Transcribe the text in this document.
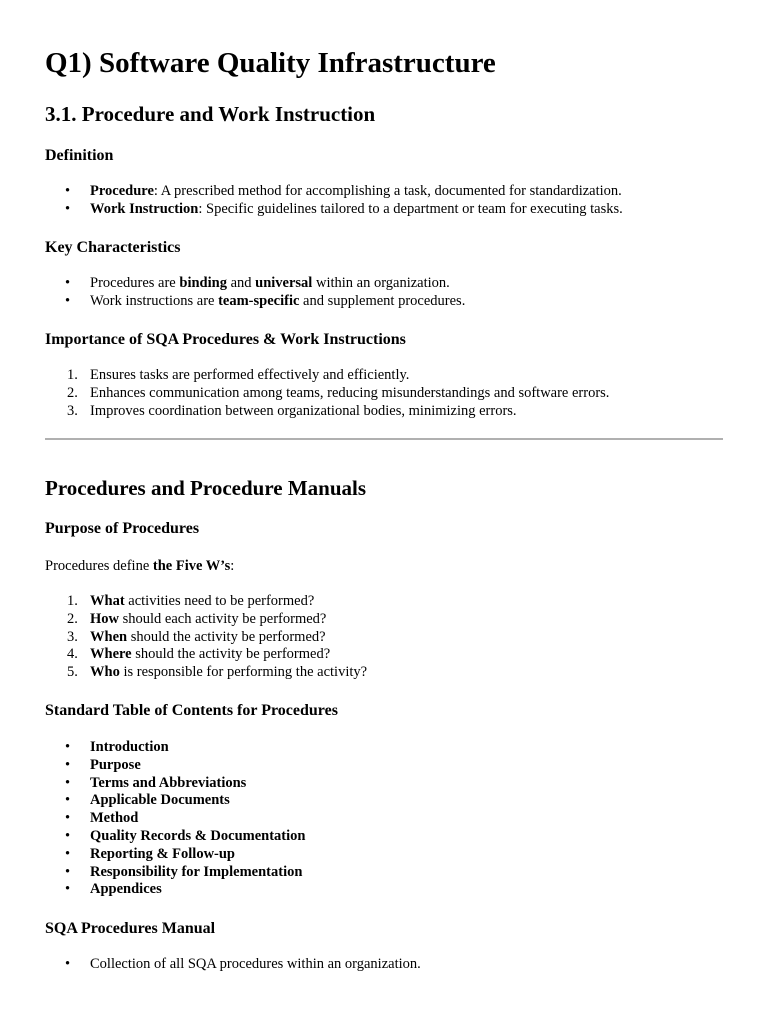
Q1) Software Quality Infrastructure
3.1. Procedure and Work Instruction
Definition
• Procedure: A prescribed method for accomplishing a task, documented for standardization.
• Work Instruction: Specific guidelines tailored to a department or team for executing tasks.
Key Characteristics
• Procedures are binding and universal within an organization.
• Work instructions are team-specific and supplement procedures.
Importance of SQA Procedures & Work Instructions
1. Ensures tasks are performed effectively and efficiently.
2. Enhances communication among teams, reducing misunderstandings and software errors.
3. Improves coordination between organizational bodies, minimizing errors.
Procedures and Procedure Manuals
Purpose of Procedures

Procedures define the Five W’s:

1. What activities need to be performed?
2. How should each activity be performed?
3. When should the activity be performed?
4. Where should the activity be performed?
5. Who is responsible for performing the activity?
Standard Table of Contents for Procedures
• Introduction
• Purpose
• Terms and Abbreviations
• Applicable Documents
• Method
• Quality Records & Documentation
• Reporting & Follow-up
• Responsibility for Implementation
• Appendices
SQA Procedures Manual
• Collection of all SQA procedures within an organization.
